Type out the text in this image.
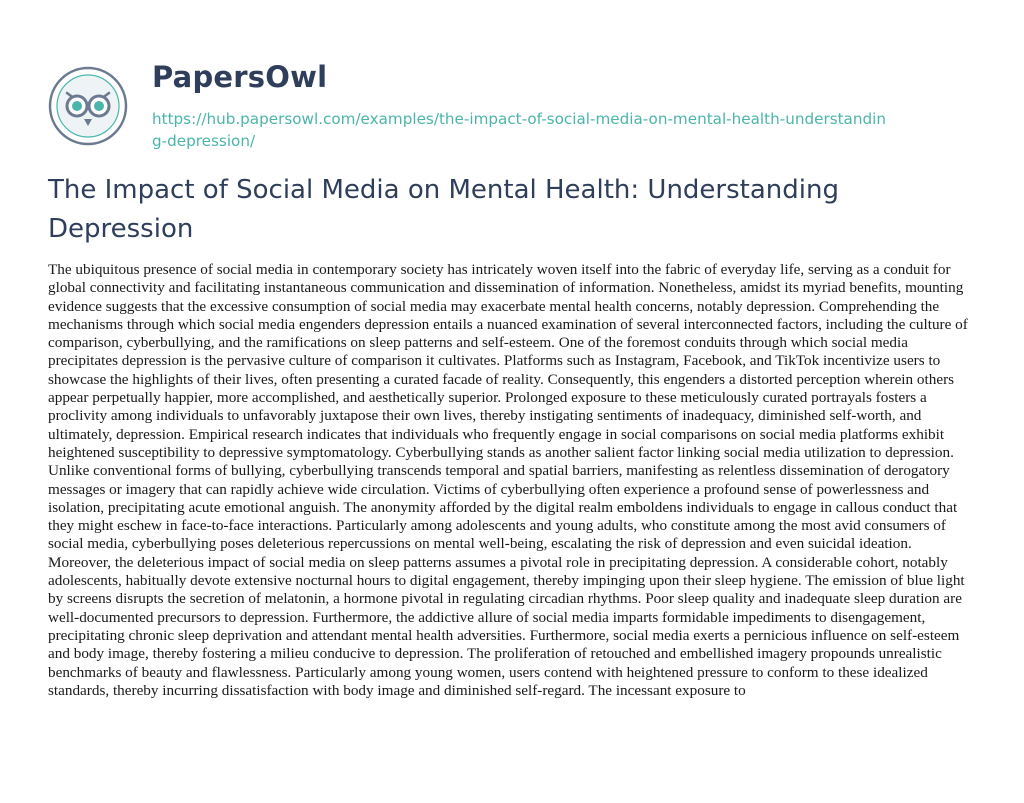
PapersOwl
https://hub.papersowl.com/examples/the-impact-of-social-media-on-mental-health-understanding-depression/
The Impact of Social Media on Mental Health: Understanding Depression

The ubiquitous presence of social media in contemporary society has intricately woven itself into the fabric of everyday life, serving as a conduit for global connectivity and facilitating instantaneous communication and dissemination of information. Nonetheless, amidst its myriad benefits, mounting evidence suggests that the excessive consumption of social media may exacerbate mental health concerns, notably depression. Comprehending the mechanisms through which social media engenders depression entails a nuanced examination of several interconnected factors, including the culture of comparison, cyberbullying, and the ramifications on sleep patterns and self-esteem. One of the foremost conduits through which social media precipitates depression is the pervasive culture of comparison it cultivates. Platforms such as Instagram, Facebook, and TikTok incentivize users to showcase the highlights of their lives, often presenting a curated facade of reality. Consequently, this engenders a distorted perception wherein others appear perpetually happier, more accomplished, and aesthetically superior. Prolonged exposure to these meticulously curated portrayals fosters a proclivity among individuals to unfavorably juxtapose their own lives, thereby instigating sentiments of inadequacy, diminished self-worth, and ultimately, depression. Empirical research indicates that individuals who frequently engage in social comparisons on social media platforms exhibit heightened susceptibility to depressive symptomatology. Cyberbullying stands as another salient factor linking social media utilization to depression. Unlike conventional forms of bullying, cyberbullying transcends temporal and spatial barriers, manifesting as relentless dissemination of derogatory messages or imagery that can rapidly achieve wide circulation. Victims of cyberbullying often experience a profound sense of powerlessness and isolation, precipitating acute emotional anguish. The anonymity afforded by the digital realm emboldens individuals to engage in callous conduct that they might eschew in face-to-face interactions. Particularly among adolescents and young adults, who constitute among the most avid consumers of social media, cyberbullying poses deleterious repercussions on mental well-being, escalating the risk of depression and even suicidal ideation. Moreover, the deleterious impact of social media on sleep patterns assumes a pivotal role in precipitating depression. A considerable cohort, notably adolescents, habitually devote extensive nocturnal hours to digital engagement, thereby impinging upon their sleep hygiene. The emission of blue light by screens disrupts the secretion of melatonin, a hormone pivotal in regulating circadian rhythms. Poor sleep quality and inadequate sleep duration are well-documented precursors to depression. Furthermore, the addictive allure of social media imparts formidable impediments to disengagement, precipitating chronic sleep deprivation and attendant mental health adversities. Furthermore, social media exerts a pernicious influence on self-esteem and body image, thereby fostering a milieu conducive to depression. The proliferation of retouched and embellished imagery propounds unrealistic benchmarks of beauty and flawlessness. Particularly among young women, users contend with heightened pressure to conform to these idealized standards, thereby incurring dissatisfaction with body image and diminished self-regard. The incessant exposure to
